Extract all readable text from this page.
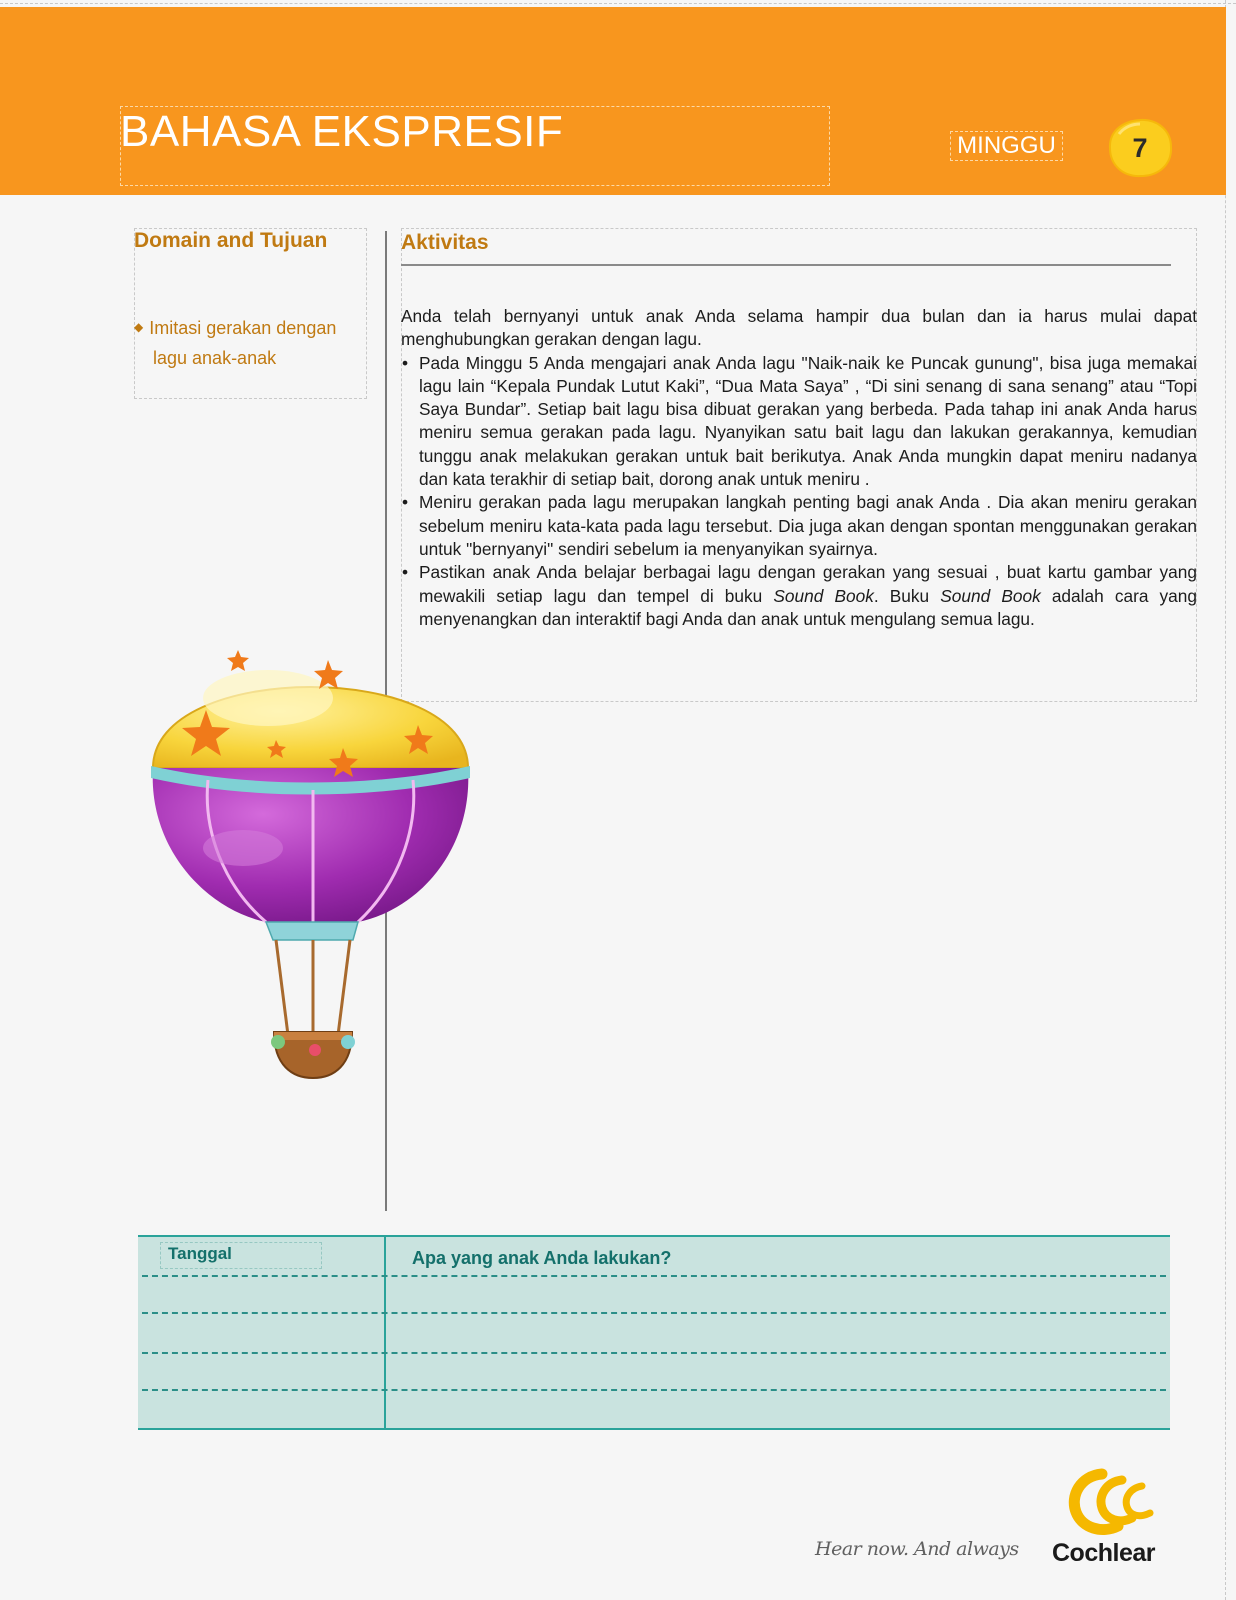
BAHASA EKSPRESIF	MINGGU	7
Domain and Tujuan	Aktivitas
◆ Imitasi gerakan dengan
lagu anak-anak

Anda telah bernyanyi untuk anak Anda selama hampir dua bulan dan ia harus mulai dapat menghubungkan gerakan dengan lagu.

• Pada Minggu 5 Anda mengajari anak Anda lagu "Naik-naik ke Puncak gunung", bisa juga memakai lagu lain “Kepala Pundak Lutut Kaki”, “Dua Mata Saya” , “Di sini senang di sana senang” atau “Topi Saya Bundar”. Setiap bait lagu bisa dibuat gerakan yang berbeda. Pada tahap ini anak Anda harus meniru semua gerakan pada lagu. Nyanyikan satu bait lagu dan lakukan gerakannya, kemudian tunggu anak melakukan gerakan untuk bait berikutya. Anak Anda mungkin dapat meniru nadanya dan kata terakhir di setiap bait, dorong anak untuk meniru .
• Meniru gerakan pada lagu merupakan langkah penting bagi anak Anda . Dia akan meniru gerakan sebelum meniru kata-kata pada lagu tersebut. Dia juga akan dengan spontan menggunakan gerakan untuk "bernyanyi" sendiri sebelum ia menyanyikan syairnya.
• Pastikan anak Anda belajar berbagai lagu dengan gerakan yang sesuai , buat kartu gambar yang mewakili setiap lagu dan tempel di buku Sound Book. Buku Sound Book adalah cara yang menyenangkan dan interaktif bagi Anda dan anak untuk mengulang semua lagu.
Tanggal	Apa yang anak Anda lakukan?
Hear now. And always Cochlear
